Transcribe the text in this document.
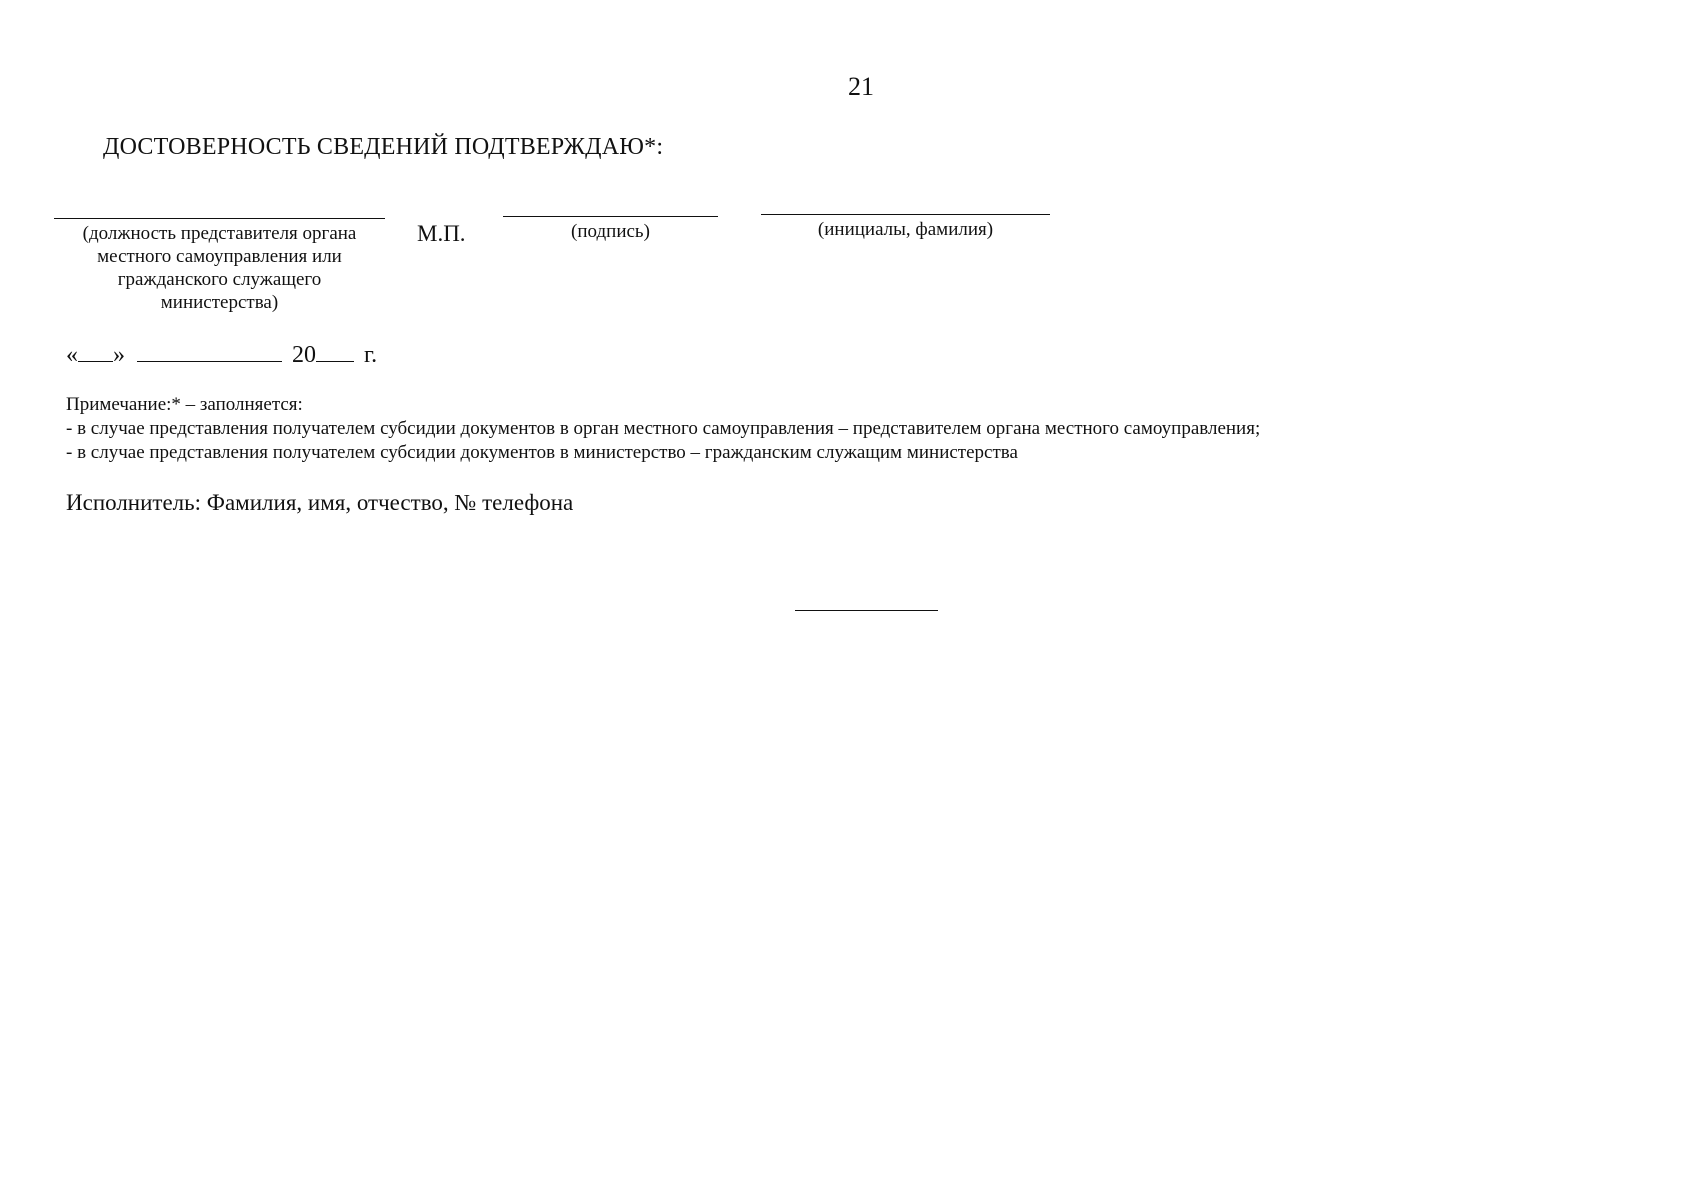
21
ДОСТОВЕРНОСТЬ СВЕДЕНИЙ ПОДТВЕРЖДАЮ*:
(должность представителя органа
местного самоуправления или
гражданского служащего
министерства)
М.П.	(подпись)	(инициалы, фамилия)
« »	20 г.
Примечание:* – заполняется:
- в случае представления получателем субсидии документов в орган местного самоуправления – представителем органа местного самоуправления;
- в случае представления получателем субсидии документов в министерство – гражданским служащим министерства
Исполнитель: Фамилия, имя, отчество, № телефона
